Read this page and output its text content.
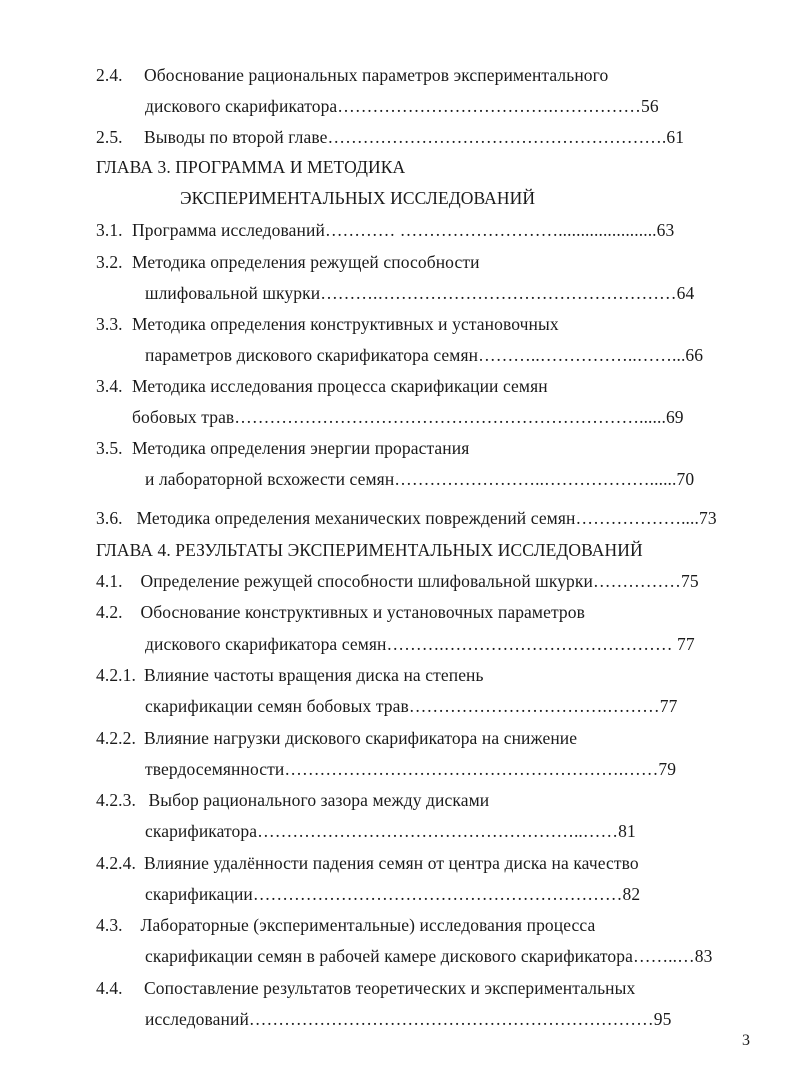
2.4. Обоснование рациональных параметров экспериментального
дискового скарификатора……………………………….……………56
2.5. Выводы по второй главе………………………………………………….61
ГЛАВА 3. ПРОГРАММА И МЕТОДИКА
ЭКСПЕРИМЕНТАЛЬНЫХ ИССЛЕДОВАНИЙ
3.1. Программа исследований………… ………………………......................63
3.2. Методика определения режущей способности
шлифовальной шкурки……….……………………………………………64
3.3. Методика определения конструктивных и установочных
параметров дискового скарификатора семян………..……………..……...66
3.4. Методика исследования процесса скарификации семян
бобовых трав……………………………………………………………......69
3.5. Методика определения энергии прорастания
и лабораторной всхожести семян……………………..………………......70
3.6. Методика определения механических повреждений семян………………....73
ГЛАВА 4. РЕЗУЛЬТАТЫ ЭКСПЕРИМЕНТАЛЬНЫХ ИССЛЕДОВАНИЙ
4.1. Определение режущей способности шлифовальной шкурки……………75
4.2. Обоснование конструктивных и установочных параметров
дискового скарификатора семян……….………………………………… 77
4.2.1. Влияние частоты вращения диска на степень
скарификации семян бобовых трав…………………………….………77
4.2.2. Влияние нагрузки дискового скарификатора на снижение
твердосемянности………………………………………………….……79
4.2.3. Выбор рационального зазора между дисками
скарификатора………………………………………………..……81
4.2.4. Влияние удалённости падения семян от центра диска на качество
скарификации………………………………………………………82
4.3. Лабораторные (экспериментальные) исследования процесса
скарификации семян в рабочей камере дискового скарификатора……..…83
4.4. Сопоставление результатов теоретических и экспериментальных
исследований……………………………………………………………95
3
